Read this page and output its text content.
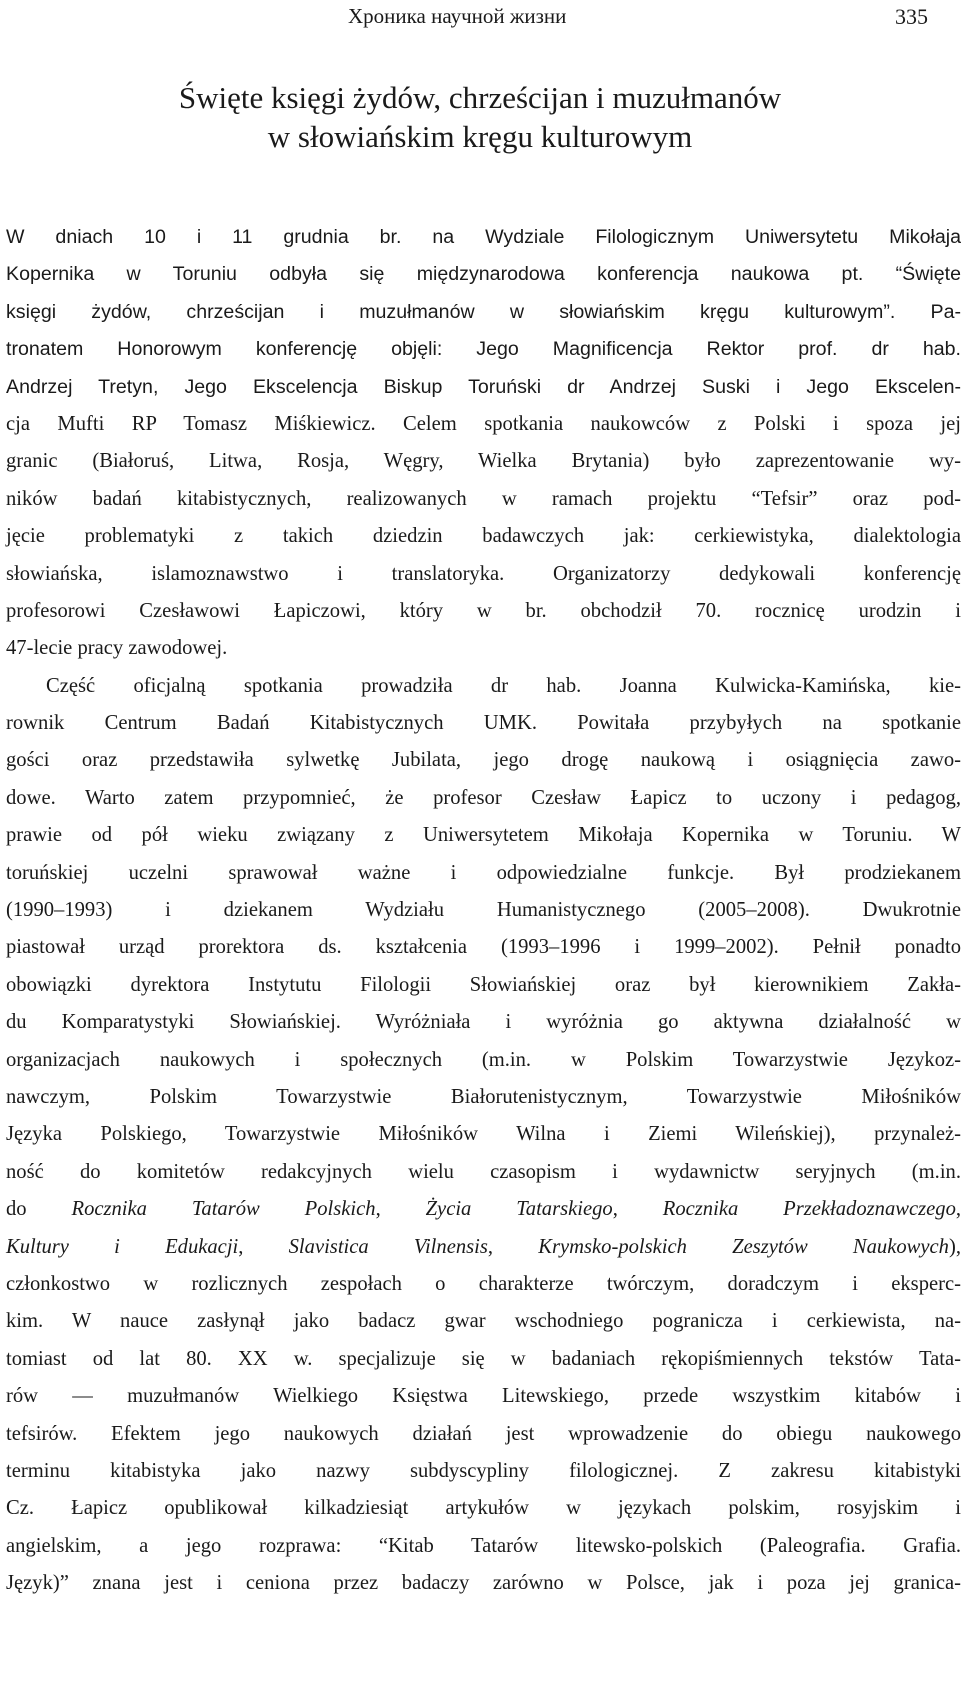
Хроника научной жизни	335
Święte księgi żydów, chrześcijan i muzułmanów
w słowiańskim kręgu kulturowym
W dniach 10 i 11 grudnia br. na Wydziale Filologicznym Uniwersytetu Mikołaja
Kopernika w Toruniu odbyła się międzynarodowa konferencja naukowa pt. “Święte
księgi żydów, chrześcijan i muzułmanów w słowiańskim kręgu kulturowym”. Pa-
tronatem Honorowym konferencję objęli: Jego Magnificencja Rektor prof. dr hab.
Andrzej Tretyn, Jego Ekscelencja Biskup Toruński dr Andrzej Suski i Jego Ekscelen-
cja Mufti RP Tomasz Miśkiewicz. Celem spotkania naukowców z Polski i spoza jej
granic (Białoruś, Litwa, Rosja, Węgry, Wielka Brytania) było zaprezentowanie wy-
ników badań kitabistycznych, realizowanych w ramach projektu “Tefsir” oraz pod-
jęcie problematyki z takich dziedzin badawczych jak: cerkiewistyka, dialektologia
słowiańska, islamoznawstwo i translatoryka. Organizatorzy dedykowali konferencję
profesorowi Czesławowi Łapiczowi, który w br. obchodził 70. rocznicę urodzin i
47-lecie pracy zawodowej.
Część oficjalną spotkania prowadziła dr hab. Joanna Kulwicka-Kamińska, kie-
rownik Centrum Badań Kitabistycznych UMK. Powitała przybyłych na spotkanie
gości oraz przedstawiła sylwetkę Jubilata, jego drogę naukową i osiągnięcia zawo-
dowe. Warto zatem przypomnieć, że profesor Czesław Łapicz to uczony i pedagog,
prawie od pół wieku związany z Uniwersytetem Mikołaja Kopernika w Toruniu. W
toruńskiej uczelni sprawował ważne i odpowiedzialne funkcje. Był prodziekanem
(1990–1993) i dziekanem Wydziału Humanistycznego (2005–2008). Dwukrotnie
piastował urząd prorektora ds. kształcenia (1993–1996 i 1999–2002). Pełnił ponadto
obowiązki dyrektora Instytutu Filologii Słowiańskiej oraz był kierownikiem Zakła-
du Komparatystyki Słowiańskiej. Wyróżniała i wyróżnia go aktywna działalność w
organizacjach naukowych i społecznych (m.in. w Polskim Towarzystwie Językoz-
nawczym, Polskim Towarzystwie Białorutenistycznym, Towarzystwie Miłośników
Języka Polskiego, Towarzystwie Miłośników Wilna i Ziemi Wileńskiej), przynależ-
ność do komitetów redakcyjnych wielu czasopism i wydawnictw seryjnych (m.in.
do Rocznika Tatarów Polskich, Życia Tatarskiego, Rocznika Przekładoznawczego,
Kultury i Edukacji, Slavistica Vilnensis, Krymsko-polskich Zeszytów Naukowych),
członkostwo w rozlicznych zespołach o charakterze twórczym, doradczym i eksperc-
kim. W nauce zasłynął jako badacz gwar wschodniego pogranicza i cerkiewista, na-
tomiast od lat 80. XX w. specjalizuje się w badaniach rękopiśmiennych tekstów Tata-
rów — muzułmanów Wielkiego Księstwa Litewskiego, przede wszystkim kitabów i
tefsirów. Efektem jego naukowych działań jest wprowadzenie do obiegu naukowego
terminu kitabistyka jako nazwy subdyscypliny filologicznej. Z zakresu kitabistyki
Cz. Łapicz opublikował kilkadziesiąt artykułów w językach polskim, rosyjskim i
angielskim, a jego rozprawa: “Kitab Tatarów litewsko-polskich (Paleografia. Grafia.
Język)” znana jest i ceniona przez badaczy zarówno w Polsce, jak i poza jej granica-
